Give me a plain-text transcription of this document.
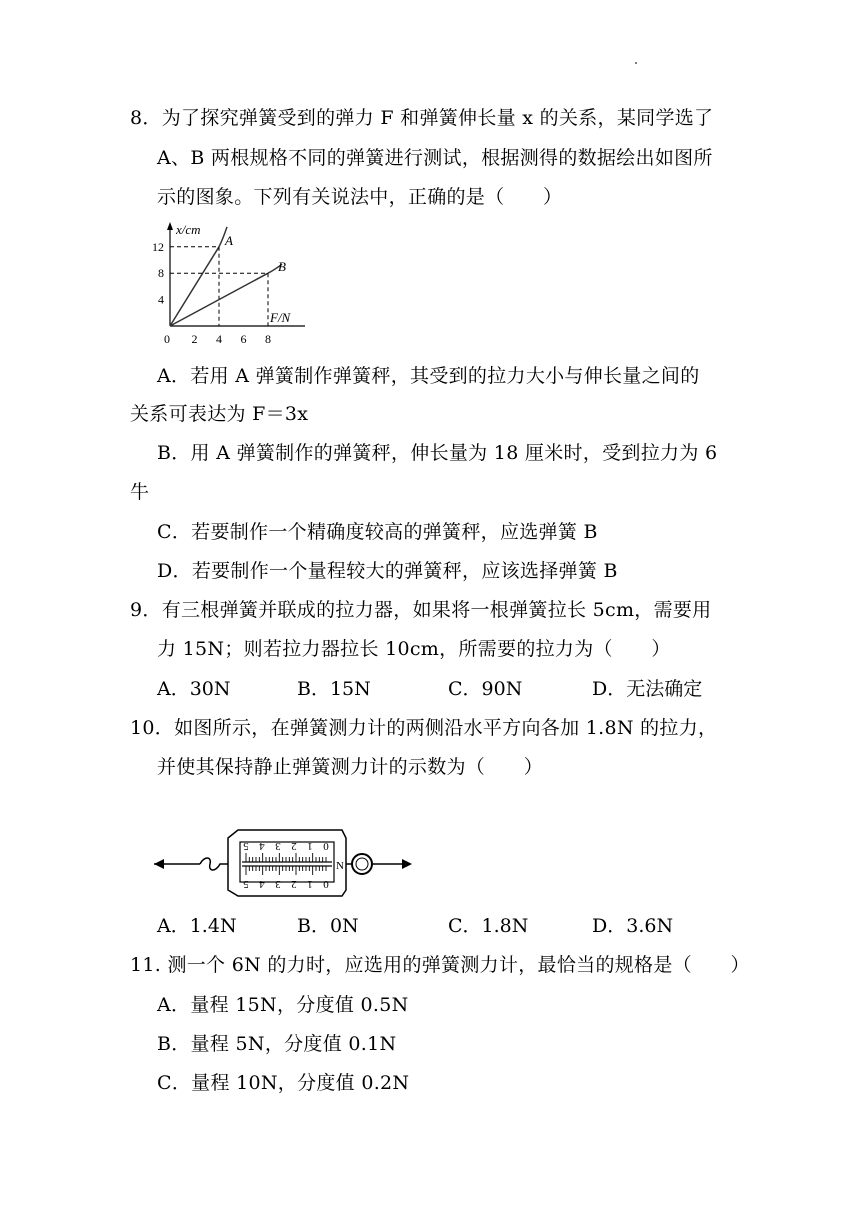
8．为了探究弹簧受到的弹力 F 和弹簧伸长量 x 的关系，某同学选了
A、B 两根规格不同的弹簧进行测试，根据测得的数据绘出如图所
示的图象。下列有关说法中，正确的是（　　）
x/cm
F/N
0 2 4 6 8
4
8
12	A
B
A．若用 A 弹簧制作弹簧秤，其受到的拉力大小与伸长量之间的
关系可表达为 F＝3x
B．用 A 弹簧制作的弹簧秤，伸长量为 18 厘米时，受到拉力为 6
牛
C．若要制作一个精确度较高的弹簧秤，应选弹簧 B
D．若要制作一个量程较大的弹簧秤，应该选择弹簧 B
9．有三根弹簧并联成的拉力器，如果将一根弹簧拉长 5cm，需要用
力 15N；则若拉力器拉长 10cm，所需要的拉力为（　　）
A．30N	B．15N	C．90N	D．无法确定
10．如图所示，在弹簧测力计的两侧沿水平方向各加 1.8N 的拉力，
并使其保持静止弹簧测力计的示数为（　　）
5 4 3 2 1 0
5 4 3 2 1 0
N
A．1.4N	B．0N	C．1.8N	D．3.6N
11. 测一个 6N 的力时，应选用的弹簧测力计，最恰当的规格是（　　）
A．量程 15N，分度值 0.5N
B．量程 5N，分度值 0.1N
C．量程 10N，分度值 0.2N
